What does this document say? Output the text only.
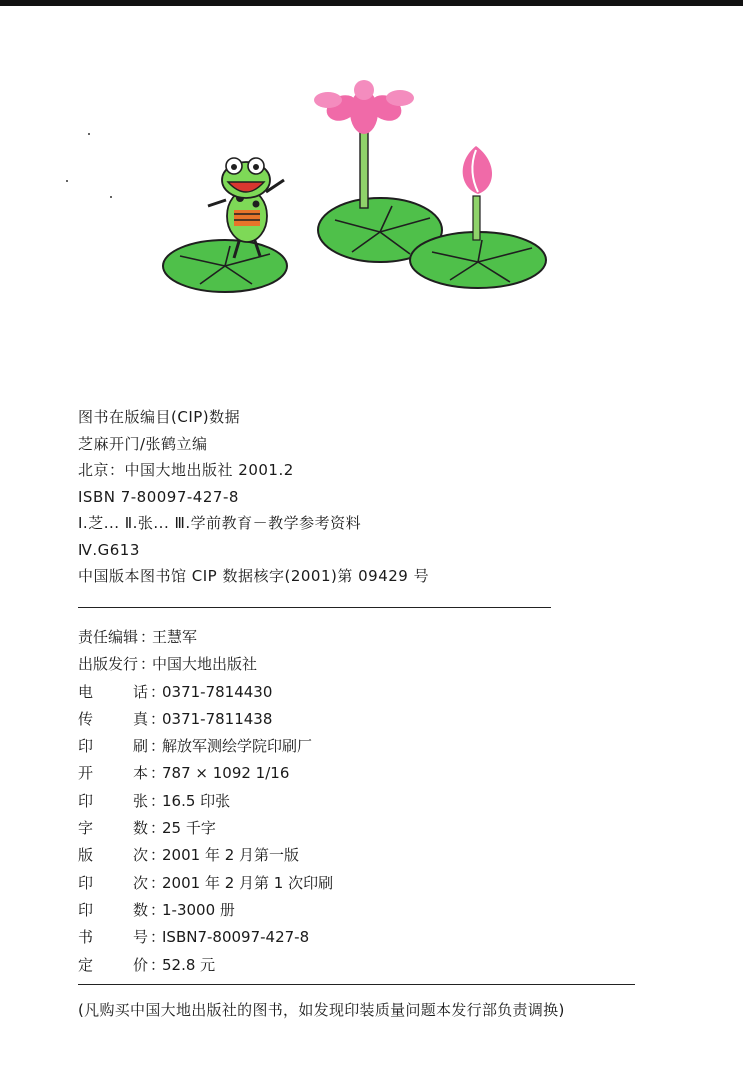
图书在版编目(CIP)数据
芝麻开门/张鹤立编
北京：中国大地出版社 2001.2
ISBN 7-80097-427-8
Ⅰ.芝... Ⅱ.张... Ⅲ.学前教育－教学参考资料
Ⅳ.G613
中国版本图书馆 CIP 数据核字(2001)第 09429 号
责任编辑 ：
王慧军
出版发行 ：
中国大地出版社
电	话 ：
0371-7814430
传	真 ：
0371-7811438
印	刷 ：
解放军测绘学院印刷厂
开	本 ：
787 × 1092 1/16
印	张 ：
16.5 印张
字	数 ：
25 千字
版	次 ：
2001 年 2 月第一版
印	次 ：
2001 年 2 月第 1 次印刷
印	数 ：
1-3000 册
书	号 ：
ISBN7-80097-427-8
定	价 ：
52.8 元
(凡购买中国大地出版社的图书，如发现印装质量问题本发行部负责调换)
